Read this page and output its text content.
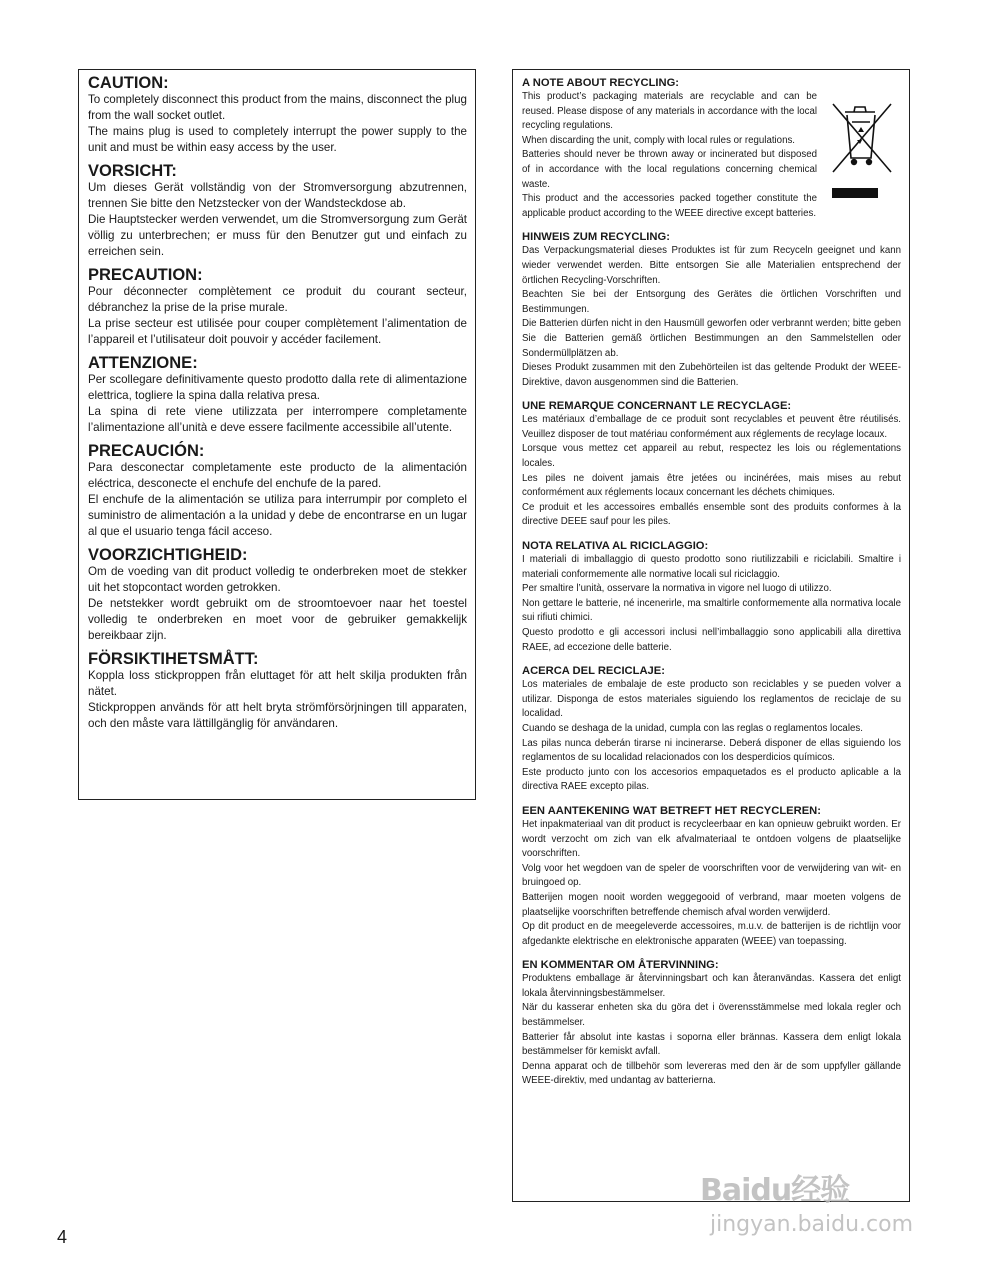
CAUTION:
To completely disconnect this product from the mains, disconnect the plug from the wall socket outlet.
The mains plug is used to completely interrupt the power supply to the unit and must be within easy access by the user.
VORSICHT:
Um dieses Gerät vollständig von der Stromversorgung abzutrennen, trennen Sie bitte den Netzstecker von der Wandsteckdose ab.
Die Hauptstecker werden verwendet, um die Stromversorgung zum Gerät völlig zu unterbrechen; er muss für den Benutzer gut und einfach zu erreichen sein.
PRECAUTION:
Pour déconnecter complètement ce produit du courant secteur, débranchez la prise de la prise murale.
La prise secteur est utilisée pour couper complètement l’alimentation de l’appareil et l’utilisateur doit pouvoir y accéder facilement.
ATTENZIONE:
Per scollegare definitivamente questo prodotto dalla rete di alimentazione elettrica, togliere la spina dalla relativa presa.
La spina di rete viene utilizzata per interrompere completamente l’alimentazione all’unità e deve essere facilmente accessibile all’utente.
PRECAUCIÓN:
Para desconectar completamente este producto de la alimentación eléctrica, desconecte el enchufe del enchufe de la pared.
El enchufe de la alimentación se utiliza para interrumpir por completo el suministro de alimentación a la unidad y debe de encontrarse en un lugar al que el usuario tenga fácil acceso.
VOORZICHTIGHEID:
Om de voeding van dit product volledig te onderbreken moet de stekker uit het stopcontact worden getrokken.
De netstekker wordt gebruikt om de stroomtoevoer naar het toestel volledig te onderbreken en moet voor de gebruiker gemakkelijk bereikbaar zijn.
FÖRSIKTIHETSMÅTT:
Koppla loss stickproppen från eluttaget för att helt skilja produkten från nätet.
Stickproppen används för att helt bryta strömförsörjningen till apparaten, och den måste vara lättillgänglig för användaren.
A NOTE ABOUT RECYCLING:
This product’s packaging materials are recyclable and can be reused. Please dispose of any materials in accordance with the local recycling regulations.
When discarding the unit, comply with local rules or regulations.
Batteries should never be thrown away or incinerated but disposed of in accordance with the local regulations concerning chemical waste.
This product and the accessories packed together constitute the applicable product according to the WEEE directive except batteries.
HINWEIS ZUM RECYCLING:
Das Verpackungsmaterial dieses Produktes ist für zum Recyceln geeignet und kann wieder verwendet werden. Bitte entsorgen Sie alle Materialien entsprechend der örtlichen Recycling-Vorschriften.
Beachten Sie bei der Entsorgung des Gerätes die örtlichen Vorschriften und Bestimmungen.
Die Batterien dürfen nicht in den Hausmüll geworfen oder verbrannt werden; bitte geben Sie die Batterien gemäß örtlichen Bestimmungen an den Sammelstellen oder Sondermüllplätzen ab.
Dieses Produkt zusammen mit den Zubehörteilen ist das geltende Produkt der WEEE-Direktive, davon ausgenommen sind die Batterien.
UNE REMARQUE CONCERNANT LE RECYCLAGE:
Les matériaux d’emballage de ce produit sont recyclables et peuvent être réutilisés. Veuillez disposer de tout matériau conformément aux réglements de recylage locaux.
Lorsque vous mettez cet appareil au rebut, respectez les lois ou réglementations locales.
Les piles ne doivent jamais être jetées ou incinérées, mais mises au rebut conformément aux réglements locaux concernant les déchets chimiques.
Ce produit et les accessoires emballés ensemble sont des produits conformes à la directive DEEE sauf pour les piles.
NOTA RELATIVA AL RICICLAGGIO:
I materiali di imballaggio di questo prodotto sono riutilizzabili e riciclabili. Smaltire i materiali conformemente alle normative locali sul riciclaggio.
Per smaltire l’unità, osservare la normativa in vigore nel luogo di utilizzo.
Non gettare le batterie, né incenerirle, ma smaltirle conformemente alla normativa locale sui rifiuti chimici.
Questo prodotto e gli accessori inclusi nell’imballaggio sono applicabili alla direttiva RAEE, ad eccezione delle batterie.
ACERCA DEL RECICLAJE:
Los materiales de embalaje de este producto son reciclables y se pueden volver a utilizar. Disponga de estos materiales siguiendo los reglamentos de reciclaje de su localidad.
Cuando se deshaga de la unidad, cumpla con las reglas o reglamentos locales.
Las pilas nunca deberán tirarse ni incinerarse. Deberá disponer de ellas siguiendo los reglamentos de su localidad relacionados con los desperdicios químicos.
Este producto junto con los accesorios empaquetados es el producto aplicable a la directiva RAEE excepto pilas.
EEN AANTEKENING WAT BETREFT HET RECYCLEREN:
Het inpakmateriaal van dit product is recycleerbaar en kan opnieuw gebruikt worden. Er wordt verzocht om zich van elk afvalmateriaal te ontdoen volgens de plaatselijke voorschriften.
Volg voor het wegdoen van de speler de voorschriften voor de verwijdering van wit- en bruingoed op.
Batterijen mogen nooit worden weggegooid of verbrand, maar moeten volgens de plaatselijke voorschriften betreffende chemisch afval worden verwijderd.
Op dit product en de meegeleverde accessoires, m.u.v. de batterijen is de richtlijn voor afgedankte elektrische en elektronische apparaten (WEEE) van toepassing.
EN KOMMENTAR OM ÅTERVINNING:
Produktens emballage är återvinningsbart och kan återanvändas. Kassera det enligt lokala återvinningsbestämmelser.
När du kasserar enheten ska du göra det i överensstämmelse med lokala regler och bestämmelser.
Batterier får absolut inte kastas i soporna eller brännas. Kassera dem enligt lokala bestämmelser för kemiskt avfall.
Denna apparat och de tillbehör som levereras med den är de som uppfyller gällande WEEE-direktiv, med undantag av batterierna.
4
Baidu经验
jingyan.baidu.com
